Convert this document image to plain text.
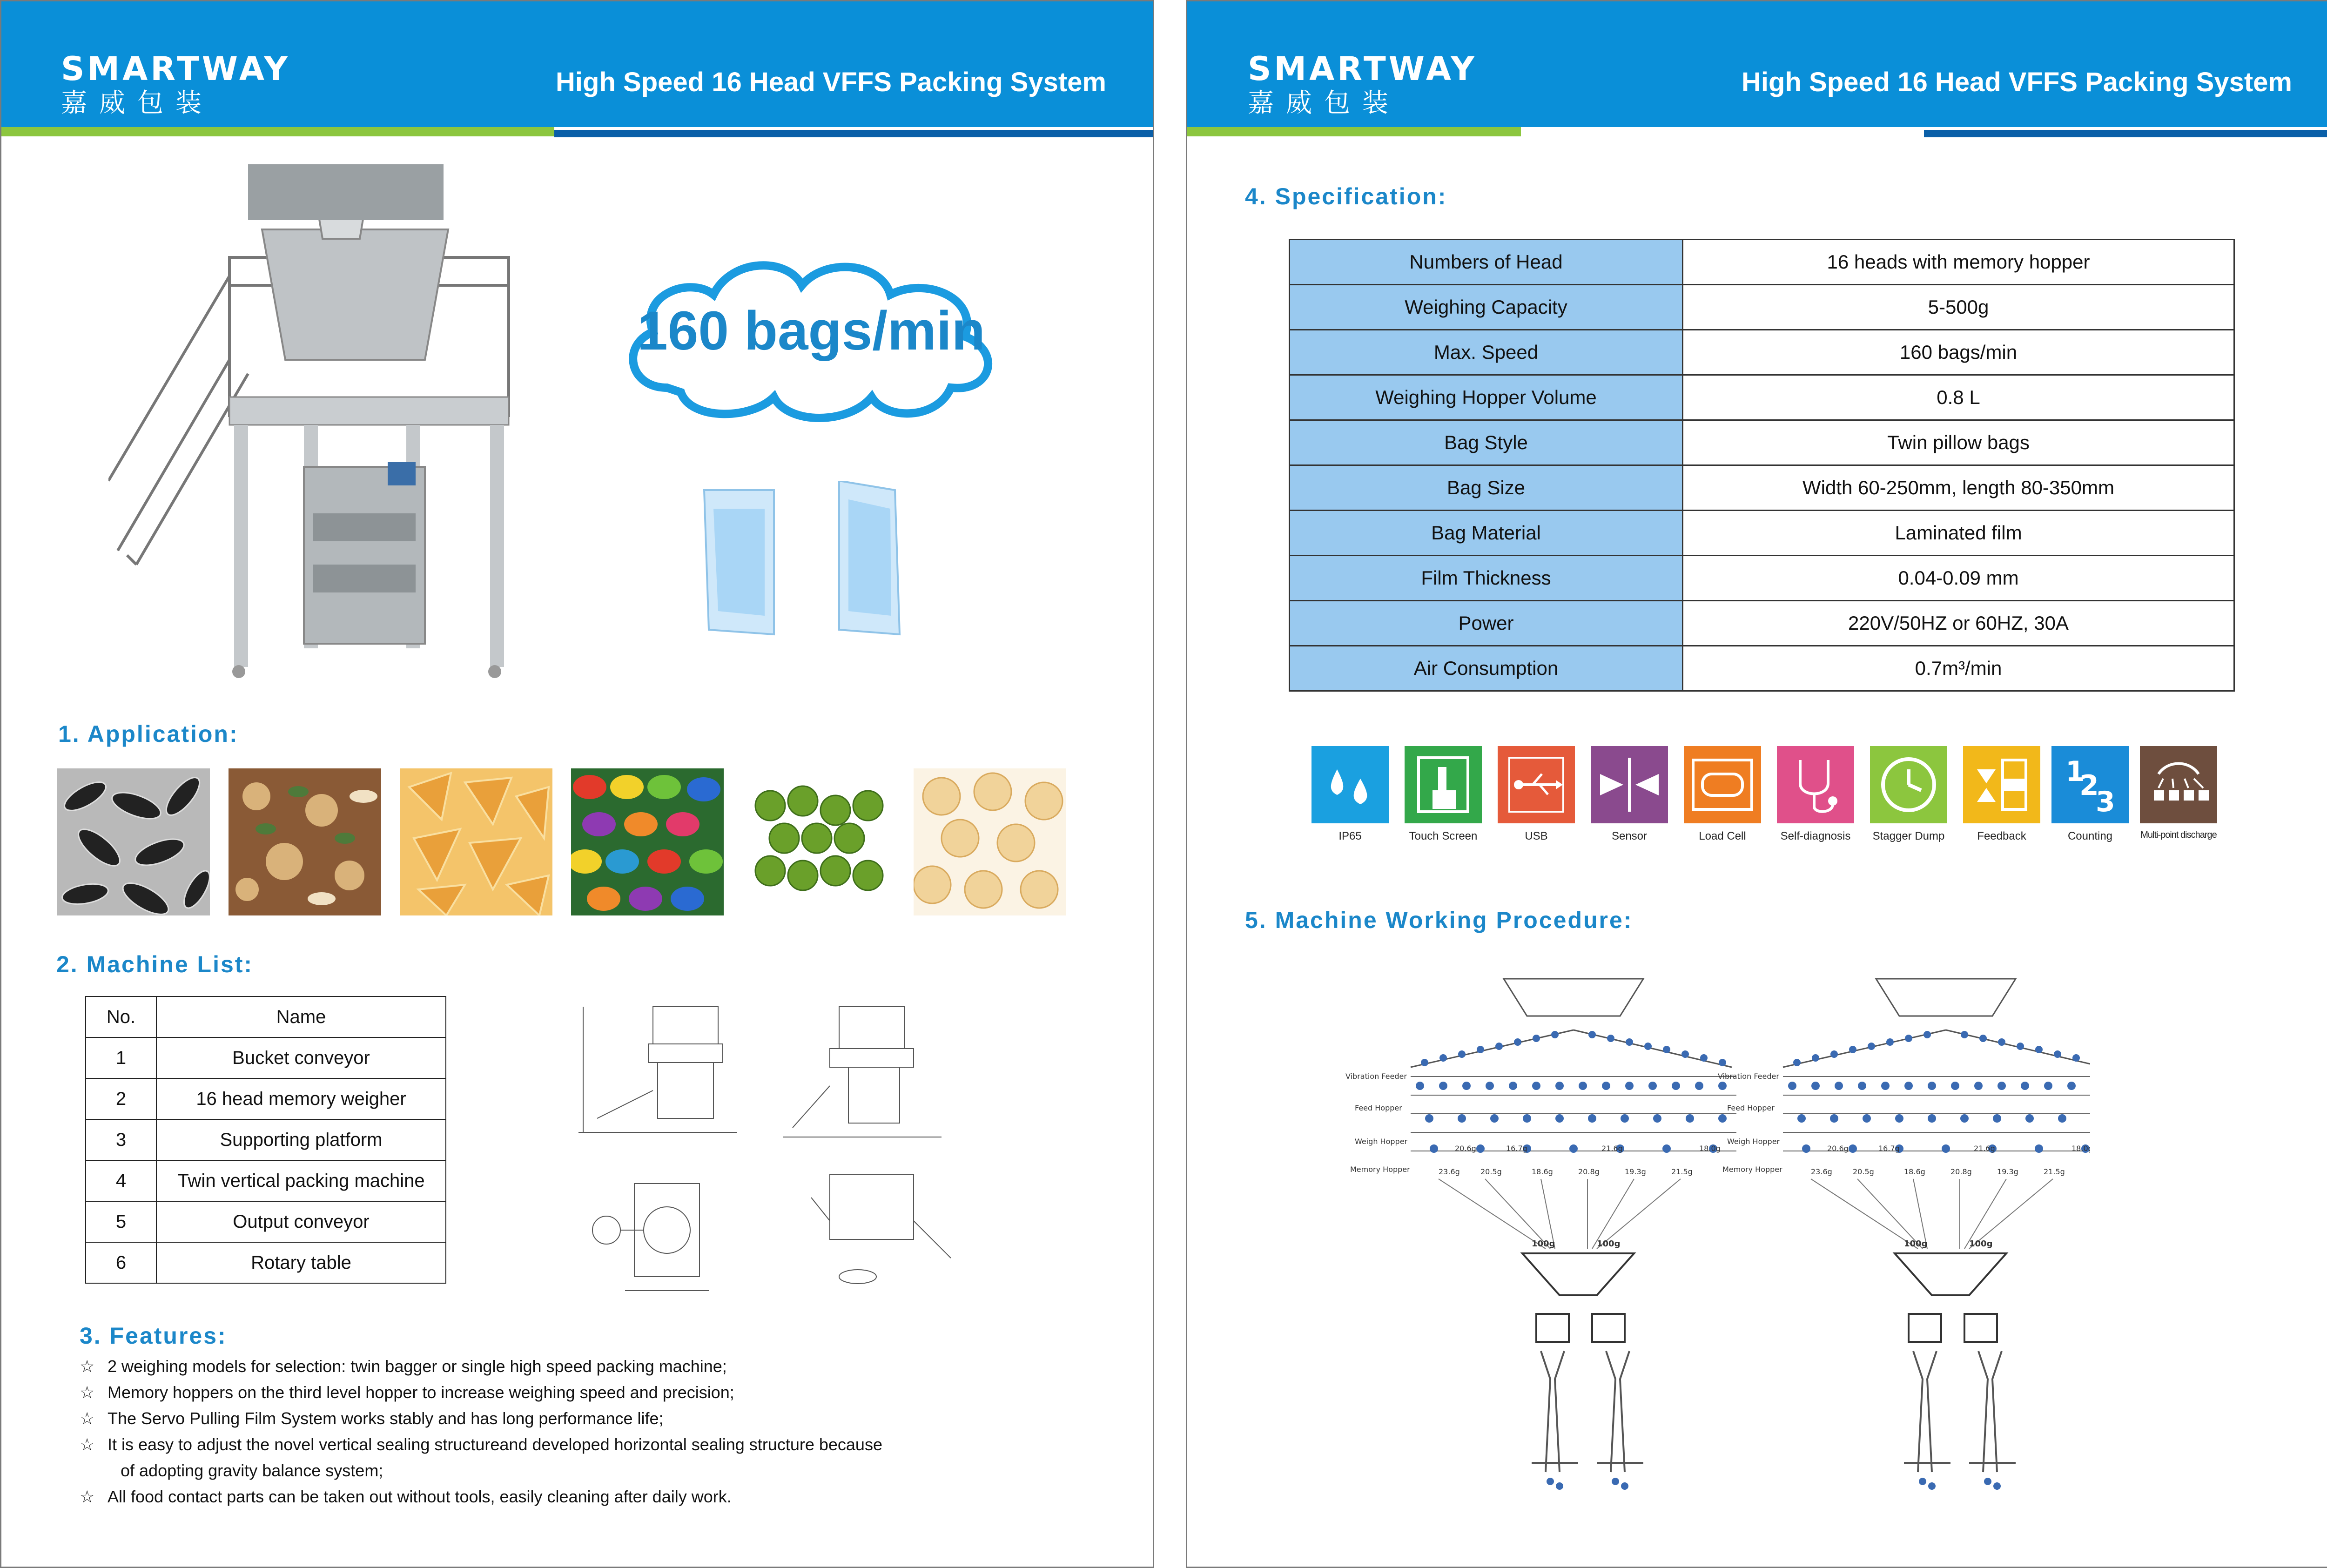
SMARTWAY
嘉威包装
High Speed 16 Head VFFS Packing System
160 bags/min
1. Application:
2. Machine List:
No.	Name
1	Bucket conveyor
2	16 head memory weigher
3	Supporting platform
4	Twin vertical packing machine
5	Output conveyor
6	Rotary table
3. Features:
☆ 2 weighing models for selection: twin bagger or single high speed packing machine;
☆ Memory hoppers on the third level hopper to increase weighing speed and precision;
☆ The Servo Pulling Film System works stably and has long performance life;
☆ It is easy to adjust the novel vertical sealing structureand developed horizontal sealing structure because
of adopting gravity balance system;
☆ All food contact parts can be taken out without tools, easily cleaning after daily work.
SMARTWAY
嘉威包装
High Speed 16 Head VFFS Packing System
4. Specification:
Numbers of Head	16 heads with memory hopper
Weighing Capacity	5-500g
Max. Speed	160 bags/min
Weighing Hopper Volume	0.8 L
Bag Style	Twin pillow bags
Bag Size	Width 60-250mm, length 80-350mm
Bag Material	Laminated film
Film Thickness	0.04-0.09 mm
Power	220V/50HZ or 60HZ, 30A
Air Consumption	0.7m³/min
IP65	Touch Screen	USB	Sensor	Load Cell	Self-diagnosis	Stagger Dump	Feedback
1
2
3
Counting	Multi-point discharge
5. Machine Working Procedure:
Vibration Feeder
Feed Hopper
Weigh Hopper
Memory Hopper
20.6g	16.7g	21.6g	18.0g
23.6g	20.5g	18.6g	20.8g	19.3g	21.5g
100g	100g
